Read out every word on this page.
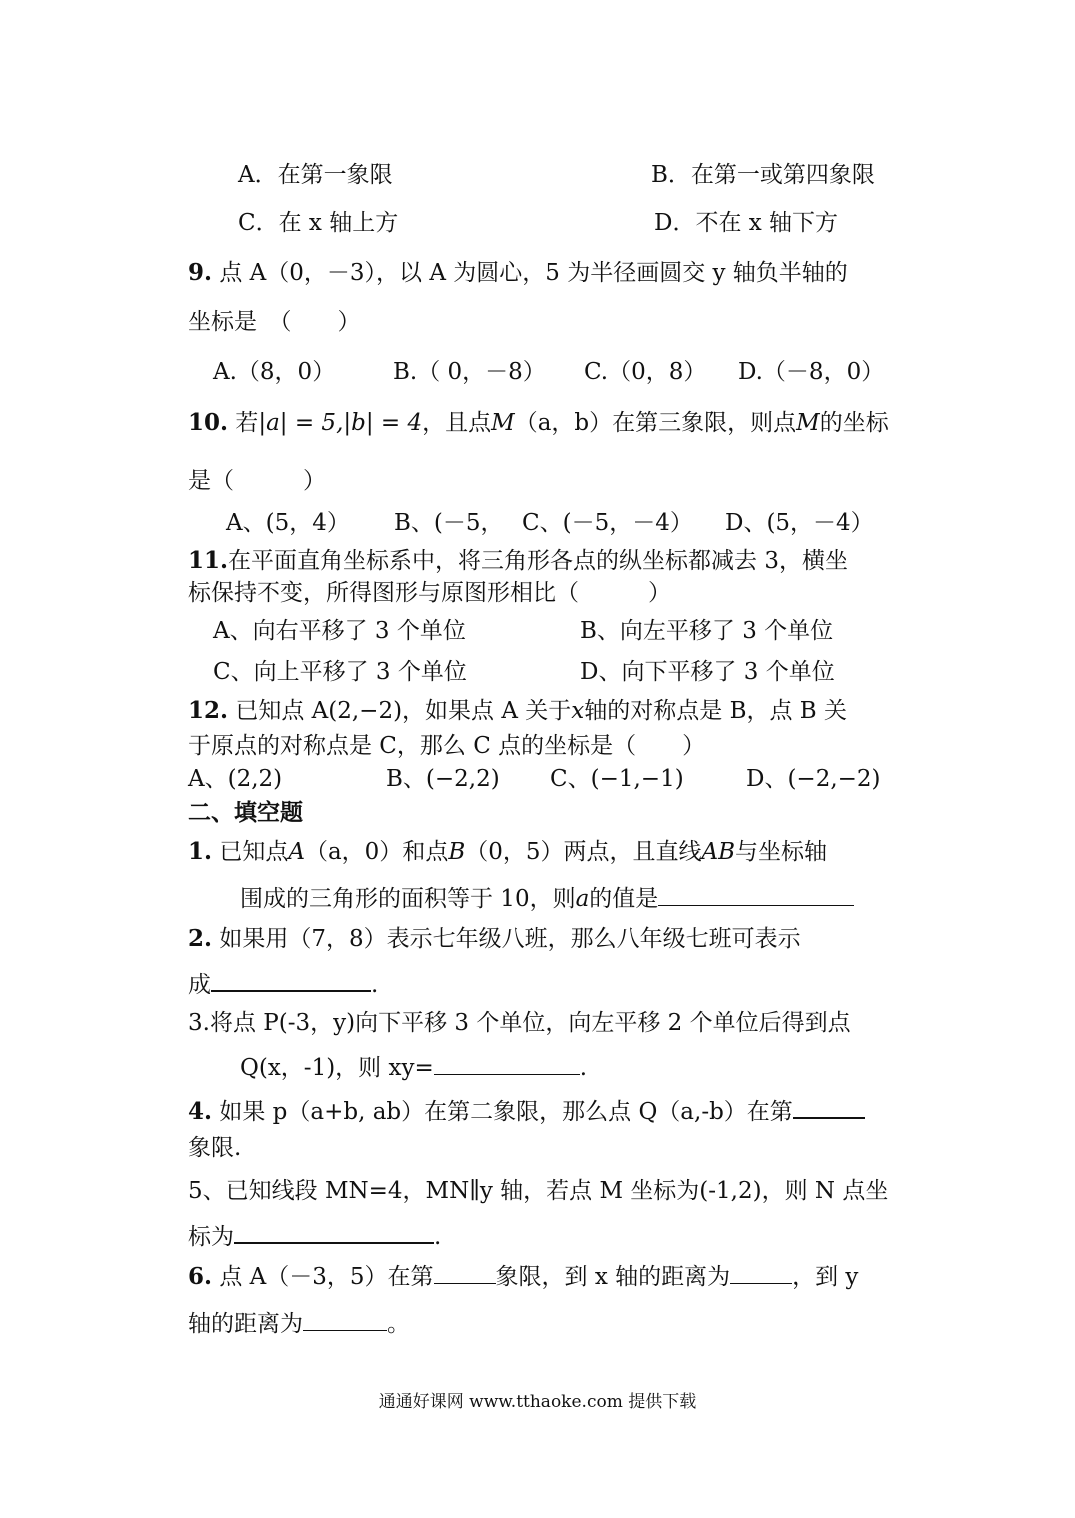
A．在第一象限	B．在第一或第四象限
C．在 x 轴上方	D．不在 x 轴下方
9. 点 A（0，－3），以 A 为圆心，5 为半径画圆交 y 轴负半轴的
坐标是　（　　）
A.（8，0）	B.（ 0，－8） C.（0，8） D.（－8，0）
10. 若|a| = 5,|b| = 4，且点M（a，b）在第三象限，则点M的坐标
是（　　　）
A、(5，4） B、(－5， C、(－5，－4） D、(5，－4）
11.在平面直角坐标系中，将三角形各点的纵坐标都减去 3，横坐
标保持不变，所得图形与原图形相比（　　　）
A、向右平移了 3 个单位	B、向左平移了 3 个单位
C、向上平移了 3 个单位	D、向下平移了 3 个单位
12. 已知点 A(2,−2)，如果点 A 关于x轴的对称点是 B，点 B 关
于原点的对称点是 C，那么 C 点的坐标是（　　）
A、(2,2)	B、(−2,2) C、(−1,−1)	D、(−2,−2)
二、填空题
1. 已知点A（a，0）和点B（0，5）两点，且直线AB与坐标轴
围成的三角形的面积等于 10，则a的值是
2. 如果用（7，8）表示七年级八班，那么八年级七班可表示
成	.
3.将点 P(-3，y)向下平移 3 个单位，向左平移 2 个单位后得到点
Q(x，-1)，则 xy=	.
4. 如果 p（a+b, ab）在第二象限，那么点 Q（a,-b）在第
象限.
5、已知线段 MN=4，MN∥y 轴，若点 M 坐标为(-1,2)，则 N 点坐
标为	.
6. 点 A（－3，5）在第	象限，到 x 轴的距离为	，到 y
轴的距离为	。
通通好课网 www.tthaoke.com 提供下载
